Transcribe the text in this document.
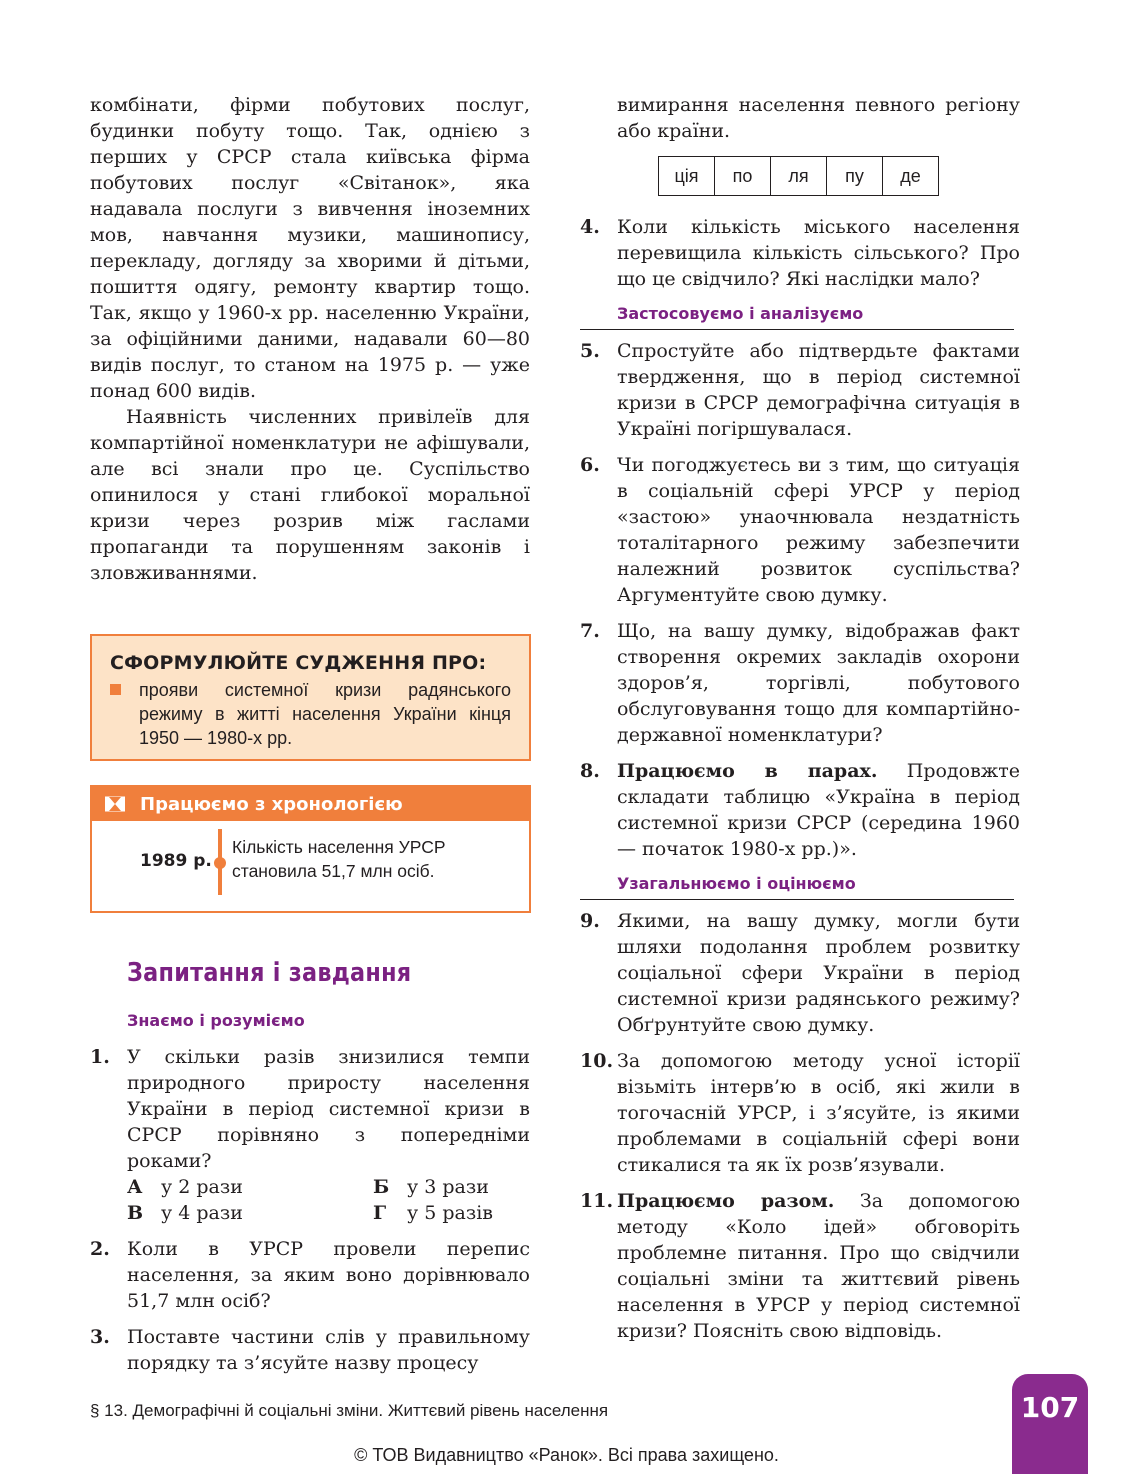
комбінати, фірми побутових послуг, будинки побуту тощо. Так, однією з перших у СРСР стала київська фірма побутових послуг «Світанок», яка надавала послуги з вивчення іноземних мов, навчання музики, машинопису, перекладу, догляду за хворими й дітьми, пошиття одягу, ремонту квартир тощо. Так, якщо у 1960-х рр. населенню України, за офіційними даними, надавали 60—80 видів послуг, то станом на 1975 р. — уже понад 600 видів.

Наявність численних привілеїв для компартійної номенклатури не афішували, але всі знали про це. Суспільство опинилося у стані глибокої моральної кризи через розрив між гаслами пропаганди та порушенням законів і зловживаннями.

СФОРМУЛЮЙТЕ СУДЖЕННЯ ПРО:
прояви системної кризи радянського режиму в житті населення України кінця 1950 — 1980-х рр.
Працюємо з хронологією
1989 р.
Кількість населення УРСР
становила 51,7 млн осіб.
Запитання і завдання
Знаємо і розуміємо
1. У скільки разів знизилися темпи природного приросту населення України в період системної кризи в СРСР порівняно з попередніми роками?
А у 2 рази	Б у 3 рази
В у 4 рази	Г у 5 разів
2. Коли в УРСР провели перепис населення, за яким воно дорівнювало 51,7 млн осіб?
3. Поставте частини слів у правильному порядку та з’ясуйте назву процесу
вимирання населення певного регіону або країни.
ція	по	ля	пу	де
4. Коли кількість міського населення перевищила кількість сільського? Про що це свідчило? Які наслідки мало?
Застосовуємо і аналізуємо
5. Спростуйте або підтвердьте фактами твердження, що в період системної кризи в СРСР демографічна ситуація в Україні погіршувалася.
6. Чи погоджуєтесь ви з тим, що ситуація в соціальній сфері УРСР у період «застою» унаочнювала нездатність тоталітарного режиму забезпечити належний розвиток суспільства? Аргументуйте свою думку.
7. Що, на вашу думку, відображав факт створення окремих закладів охорони здоров’я, торгівлі, побутового обслуговування тощо для компартійно-державної номенклатури?
8. Працюємо в парах. Продовжте складати таблицю «Україна в період системної кризи СРСР (середина 1960 — початок 1980-х рр.)».
Узагальнюємо і оцінюємо
9. Якими, на вашу думку, могли бути шляхи подолання проблем розвитку соціальної сфери України в період системної кризи радянського режиму? Обґрунтуйте свою думку.
10. За допомогою методу усної історії візьміть інтерв’ю в осіб, які жили в тогочасній УРСР, і з’ясуйте, із якими проблемами в соціальній сфері вони стикалися та як їх розв’язували.
11. Працюємо разом. За допомогою методу «Коло ідей» обговоріть проблемне питання. Про що свідчили соціальні зміни та життєвий рівень населення в УРСР у період системної кризи? Поясніть свою відповідь.
§ 13. Демографічні й соціальні зміни. Життєвий рівень населення	107
© ТОВ Видавництво «Ранок». Всі права захищено.
